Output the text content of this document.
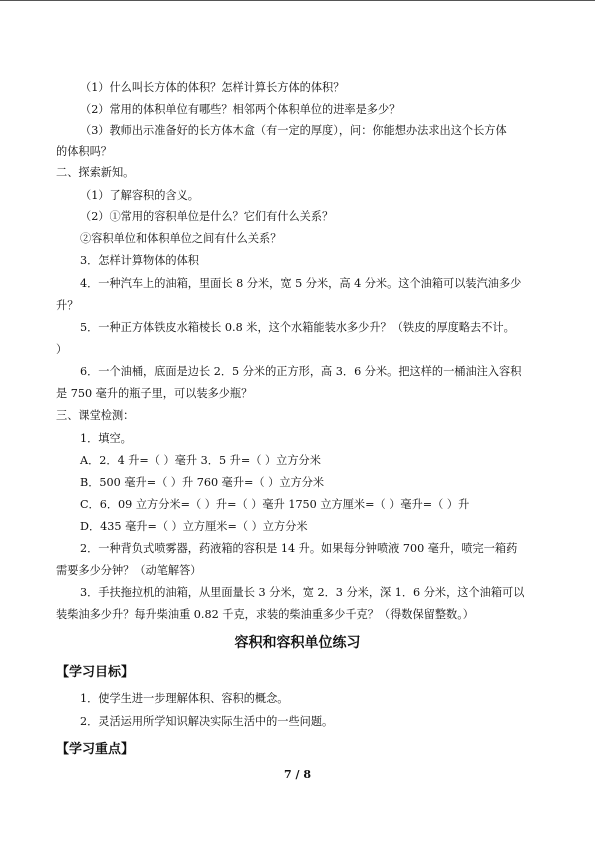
（1）什么叫长方体的体积？怎样计算长方体的体积？
（2）常用的体积单位有哪些？相邻两个体积单位的进率是多少？
（3）教师出示准备好的长方体木盒（有一定的厚度），问：你能想办法求出这个长方体
的体积吗？
二、探索新知。
（1）了解容积的含义。
（2）①常用的容积单位是什么？它们有什么关系？
②容积单位和体积单位之间有什么关系？
3．怎样计算物体的体积
4．一种汽车上的油箱，里面长 8 分米，宽 5 分米，高 4 分米。这个油箱可以装汽油多少
升？
5．一种正方体铁皮水箱棱长 0.8 米，这个水箱能装水多少升？（铁皮的厚度略去不计。
）
6．一个油桶，底面是边长 2．5 分米的正方形，高 3．6 分米。把这样的一桶油注入容积
是 750 毫升的瓶子里，可以装多少瓶？
三、课堂检测：
1．填空。
A．2．4 升=（ ）毫升 3．5 升=（ ）立方分米
B．500 毫升=（ ）升 760 毫升=（ ）立方分米
C．6．09 立方分米=（ ）升=（ ）毫升 1750 立方厘米=（ ）毫升=（ ）升
D．435 毫升=（ ）立方厘米=（ ）立方分米
2．一种背负式喷雾器，药液箱的容积是 14 升。如果每分钟喷液 700 毫升，喷完一箱药
需要多少分钟？（动笔解答）
3．手扶拖拉机的油箱，从里面量长 3 分米，宽 2．3 分米，深 1．6 分米，这个油箱可以
装柴油多少升？每升柴油重 0.82 千克，求装的柴油重多少千克？（得数保留整数。）
容积和容积单位练习
【学习目标】
1．使学生进一步理解体积、容积的概念。
2．灵活运用所学知识解决实际生活中的一些问题。
【学习重点】
7 / 8
